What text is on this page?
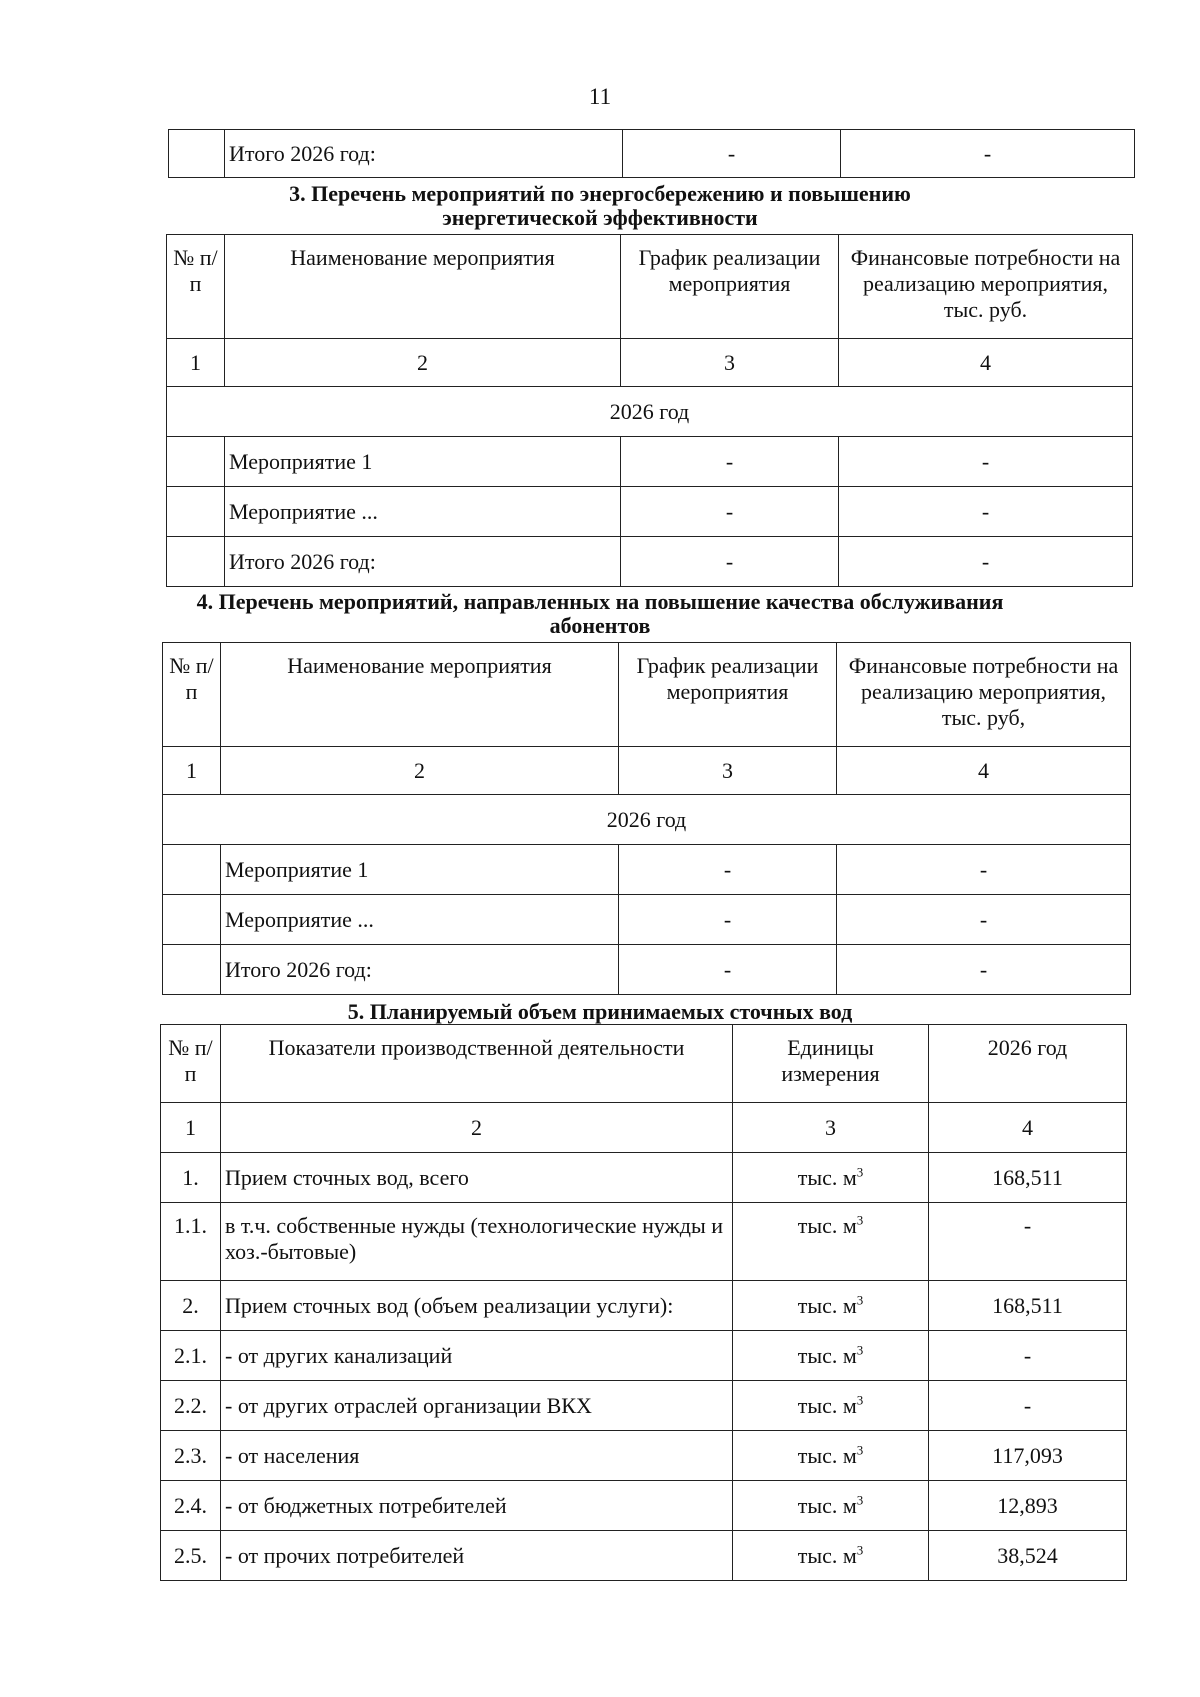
11
	Итого 2026 год:	-	-
3. Перечень мероприятий по энергосбережению и повышению
энергетической эффективности
№ п/п	Наименование мероприятия	График реализации мероприятия	Финансовые потребности на реализацию мероприятия, тыс. руб.
1	2	3	4
2026 год			
	Мероприятие 1	-	-
	Мероприятие ...	-	-
	Итого 2026 год:	-	-
4. Перечень мероприятий, направленных на повышение качества обслуживания
абонентов
№ п/п	Наименование мероприятия	График реализации мероприятия	Финансовые потребности на реализацию мероприятия, тыс. руб,
1	2	3	4
2026 год			
	Мероприятие 1	-	-
	Мероприятие ...	-	-
	Итого 2026 год:	-	-
5. Планируемый объем принимаемых сточных вод
№ п/п	Показатели производственной деятельности	Единицы измерения	2026 год
1	2	3	4
1.	Прием сточных вод, всего	тыс. $м^3$	168,511
1.1.	в т.ч. собственные нужды (технологические нужды и хоз.-бытовые)	тыс. $м^3$	-
2.	Прием сточных вод (объем реализации услуги):	тыс. $м^3$	168,511
2.1.	- от других канализаций	тыс. $м^3$	-
2.2.	- от других отраслей организации ВКХ	тыс. $м^3$	-
2.3.	- от населения	тыс. $м^3$	117,093
2.4.	- от бюджетных потребителей	тыс. $м^3$	12,893
2.5.	- от прочих потребителей	тыс. $м^3$	38,524
